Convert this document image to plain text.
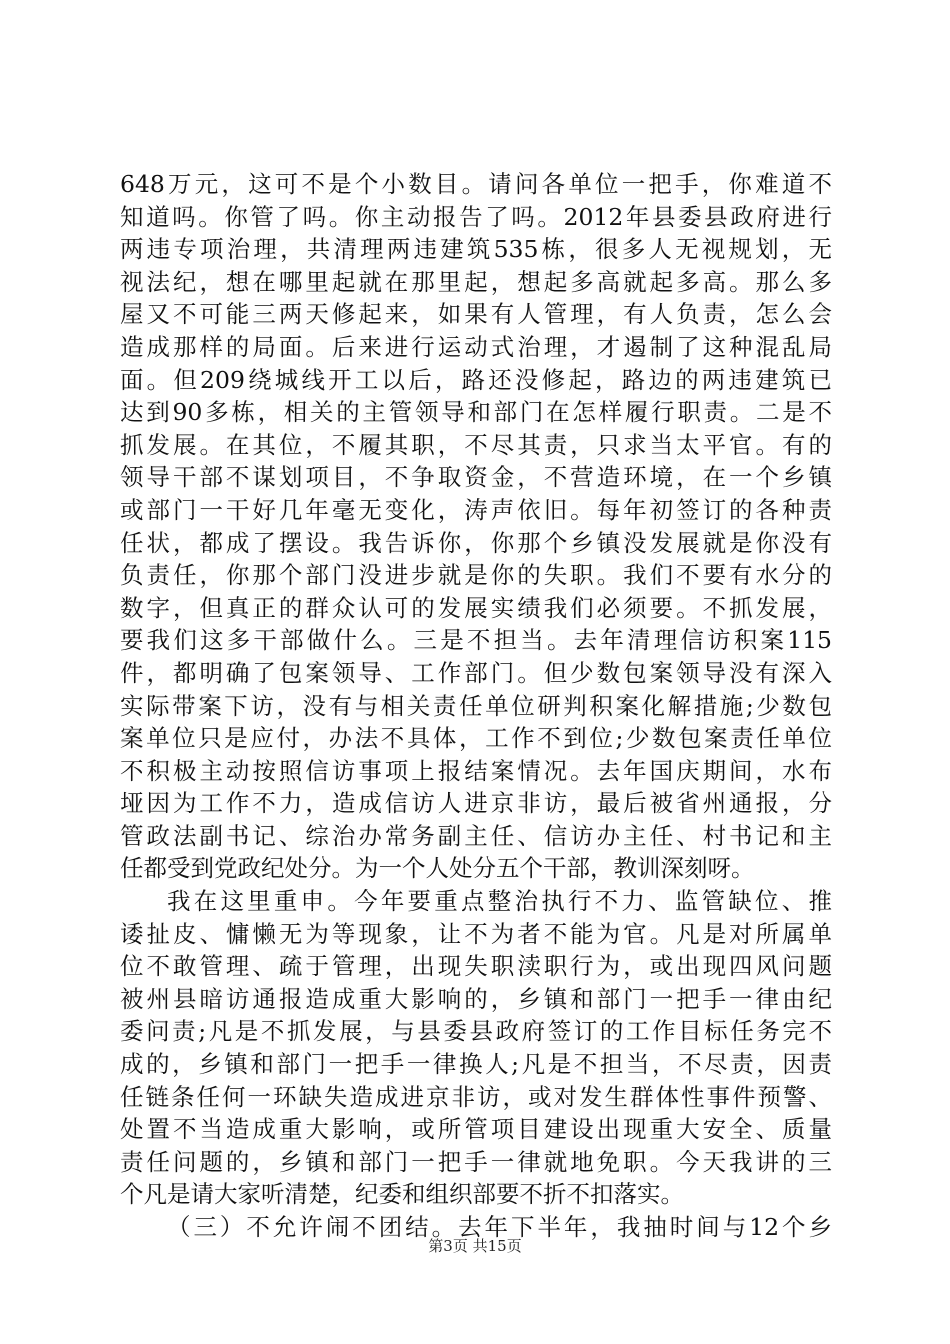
648万元，这可不是个小数目。请问各单位一把手，你难道不
知道吗。你管了吗。你主动报告了吗。2012年县委县政府进行
两违专项治理，共清理两违建筑535栋，很多人无视规划，无
视法纪，想在哪里起就在那里起，想起多高就起多高。那么多
屋又不可能三两天修起来，如果有人管理，有人负责，怎么会
造成那样的局面。后来进行运动式治理，才遏制了这种混乱局
面。但209绕城线开工以后，路还没修起，路边的两违建筑已
达到90多栋，相关的主管领导和部门在怎样履行职责。二是不
抓发展。在其位，不履其职，不尽其责，只求当太平官。有的
领导干部不谋划项目，不争取资金，不营造环境，在一个乡镇
或部门一干好几年毫无变化，涛声依旧。每年初签订的各种责
任状，都成了摆设。我告诉你，你那个乡镇没发展就是你没有
负责任，你那个部门没进步就是你的失职。我们不要有水分的
数字，但真正的群众认可的发展实绩我们必须要。不抓发展，
要我们这多干部做什么。三是不担当。去年清理信访积案115
件，都明确了包案领导、工作部门。但少数包案领导没有深入
实际带案下访，没有与相关责任单位研判积案化解措施;少数包
案单位只是应付，办法不具体，工作不到位;少数包案责任单位
不积极主动按照信访事项上报结案情况。去年国庆期间，水布
垭因为工作不力，造成信访人进京非访，最后被省州通报，分
管政法副书记、综治办常务副主任、信访办主任、村书记和主
任都受到党政纪处分。为一个人处分五个干部，教训深刻呀。
我在这里重申。今年要重点整治执行不力、监管缺位、推
诿扯皮、慵懒无为等现象，让不为者不能为官。凡是对所属单
位不敢管理、疏于管理，出现失职渎职行为，或出现四风问题
被州县暗访通报造成重大影响的，乡镇和部门一把手一律由纪
委问责;凡是不抓发展，与县委县政府签订的工作目标任务完不
成的，乡镇和部门一把手一律换人;凡是不担当，不尽责，因责
任链条任何一环缺失造成进京非访，或对发生群体性事件预警、
处置不当造成重大影响，或所管项目建设出现重大安全、质量
责任问题的，乡镇和部门一把手一律就地免职。今天我讲的三
个凡是请大家听清楚，纪委和组织部要不折不扣落实。
（三）不允许闹不团结。去年下半年，我抽时间与12个乡
第3页 共15页
